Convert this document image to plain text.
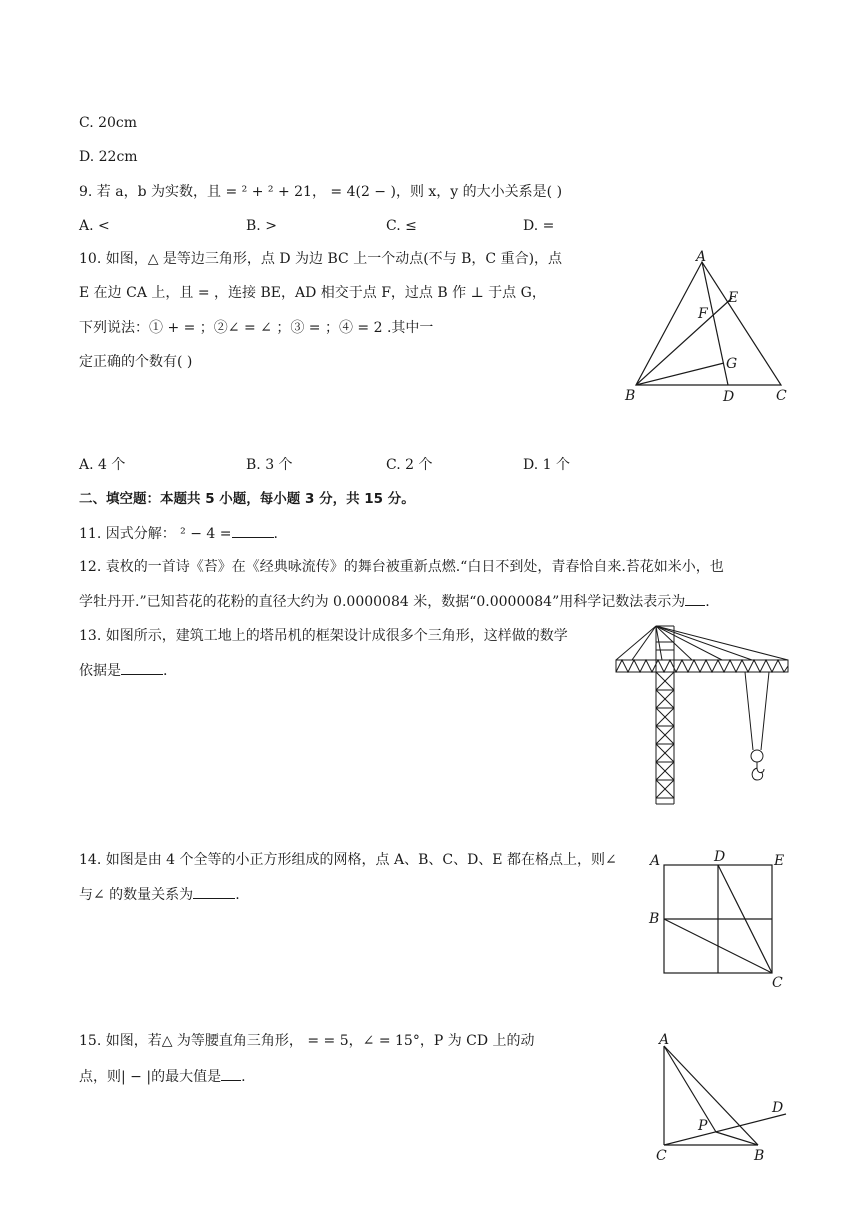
C. 20cm
D. 22cm
9. 若 a，b 为实数，且 = ² + ² + 21， = 4(2 − )，则 x，y 的大小关系是( )
A. <	B. >	C. ≤	D. =
10. 如图，△ 是等边三角形，点 D 为边 BC 上一个动点(不与 B，C 重合)，点
E 在边 CA 上，且 = ，连接 BE，AD 相交于点 F，过点 B 作 ⊥ 于点 G，
下列说法：① + = ；②∠ = ∠ ；③ = ；④ = 2 .其中一
定正确的个数有( )
A
B	C
D
E
F
G
A. 4 个	B. 3 个	C. 2 个	D. 1 个
二、填空题：本题共 5 小题，每小题 3 分，共 15 分。
11. 因式分解： ² − 4 =	.
12. 袁枚的一首诗《苔》在《经典咏流传》的舞台被重新点燃.“白日不到处，青春恰自来.苔花如米小，也
学牡丹开.”已知苔花的花粉的直径大约为 0.0000084 米，数据“0.0000084”用科学记数法表示为 .
13. 如图所示，建筑工地上的塔吊机的框架设计成很多个三角形，这样做的数学
依据是	.
14. 如图是由 4 个全等的小正方形组成的网格，点 A、B、C、D、E 都在格点上，则∠
与∠ 的数量关系为	.
A	D	E
B
C
15. 如图，若△ 为等腰直角三角形， = = 5，∠ = 15°，P 为 CD 上的动
点，则| − |的最大值是 .
A
C	B
D
P
